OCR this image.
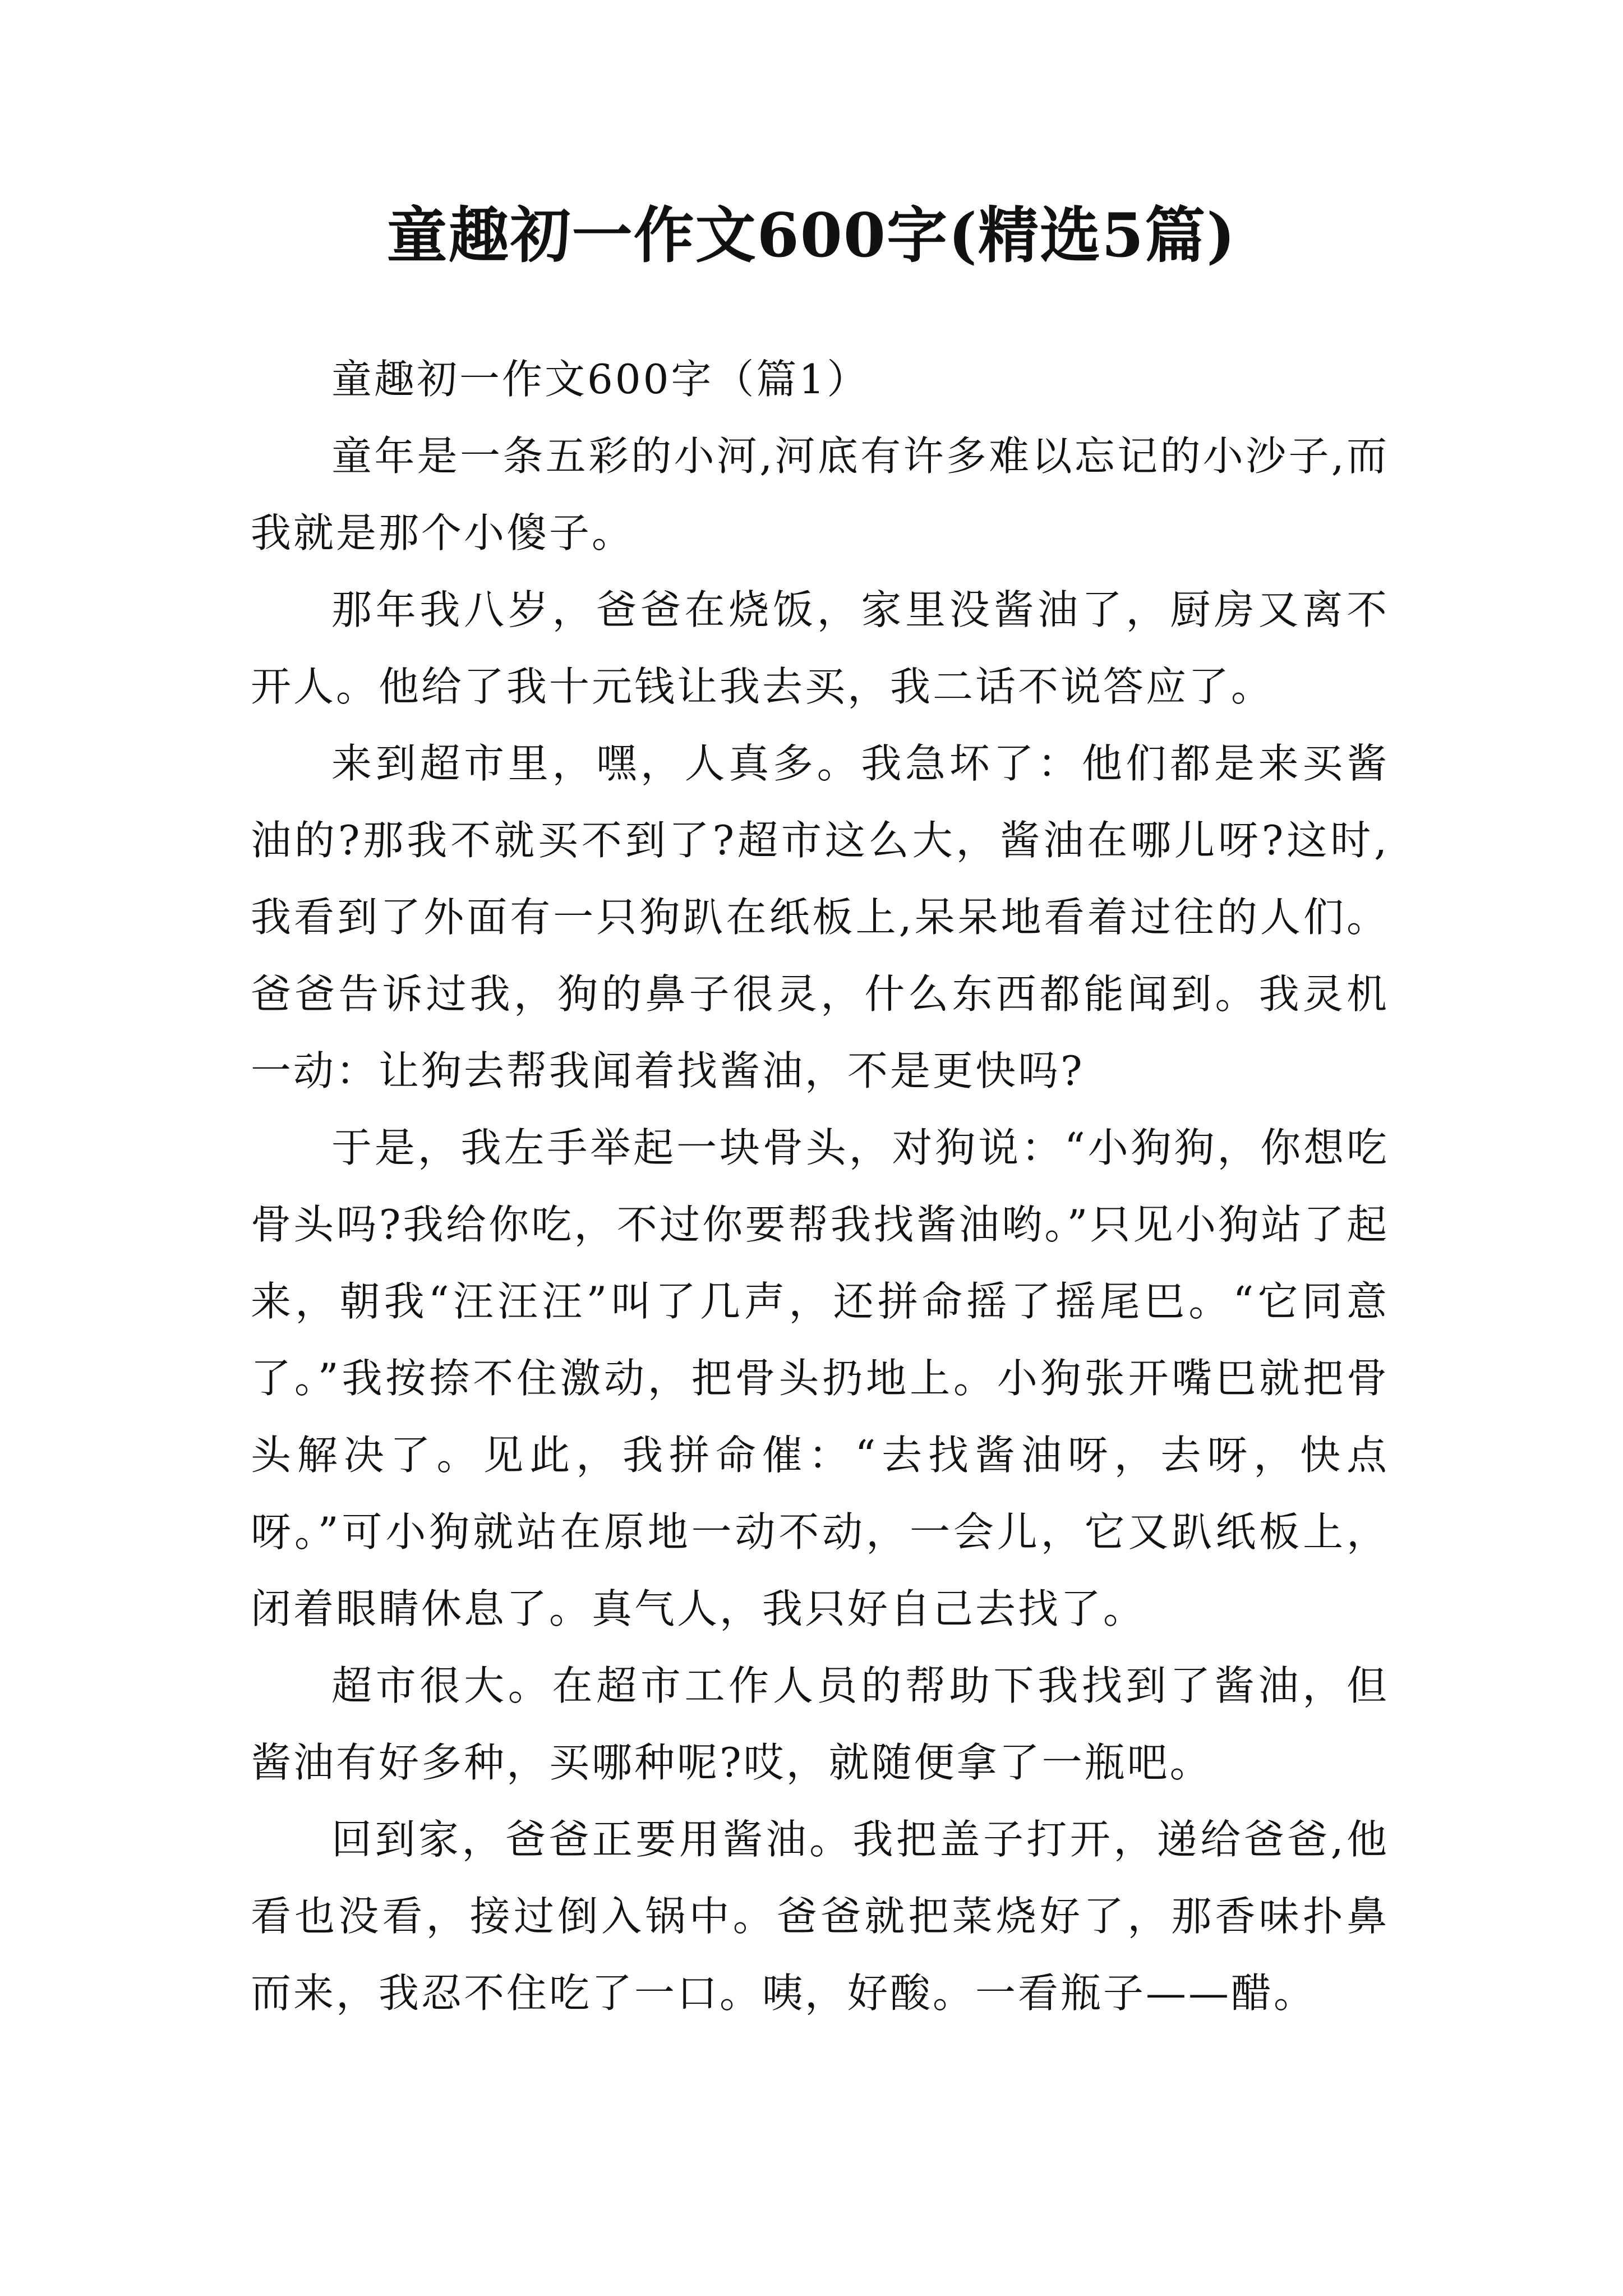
童趣初一作文600字(精选5篇)
童趣初一作文600字（篇1）

童年是一条五彩的小河,河底有许多难以忘记的小沙子,而我就是那个小傻子。

那年我八岁，爸爸在烧饭，家里没酱油了，厨房又离不开人。他给了我十元钱让我去买，我二话不说答应了。

来到超市里，嘿，人真多。我急坏了：他们都是来买酱油的?那我不就买不到了?超市这么大，酱油在哪儿呀?这时,我看到了外面有一只狗趴在纸板上,呆呆地看着过往的人们。爸爸告诉过我，狗的鼻子很灵，什么东西都能闻到。我灵机一动：让狗去帮我闻着找酱油，不是更快吗?

于是，我左手举起一块骨头，对狗说：“小狗狗，你想吃骨头吗?我给你吃，不过你要帮我找酱油哟。”只见小狗站了起来，朝我“汪汪汪”叫了几声，还拼命摇了摇尾巴。“它同意了。”我按捺不住激动，把骨头扔地上。小狗张开嘴巴就把骨头解决了。见此，我拼命催：“去找酱油呀，去呀，快点呀。”可小狗就站在原地一动不动，一会儿，它又趴纸板上，闭着眼睛休息了。真气人，我只好自己去找了。

超市很大。在超市工作人员的帮助下我找到了酱油，但酱油有好多种，买哪种呢?哎，就随便拿了一瓶吧。

回到家，爸爸正要用酱油。我把盖子打开，递给爸爸,他看也没看，接过倒入锅中。爸爸就把菜烧好了，那香味扑鼻而来，我忍不住吃了一口。咦，好酸。一看瓶子——醋。
